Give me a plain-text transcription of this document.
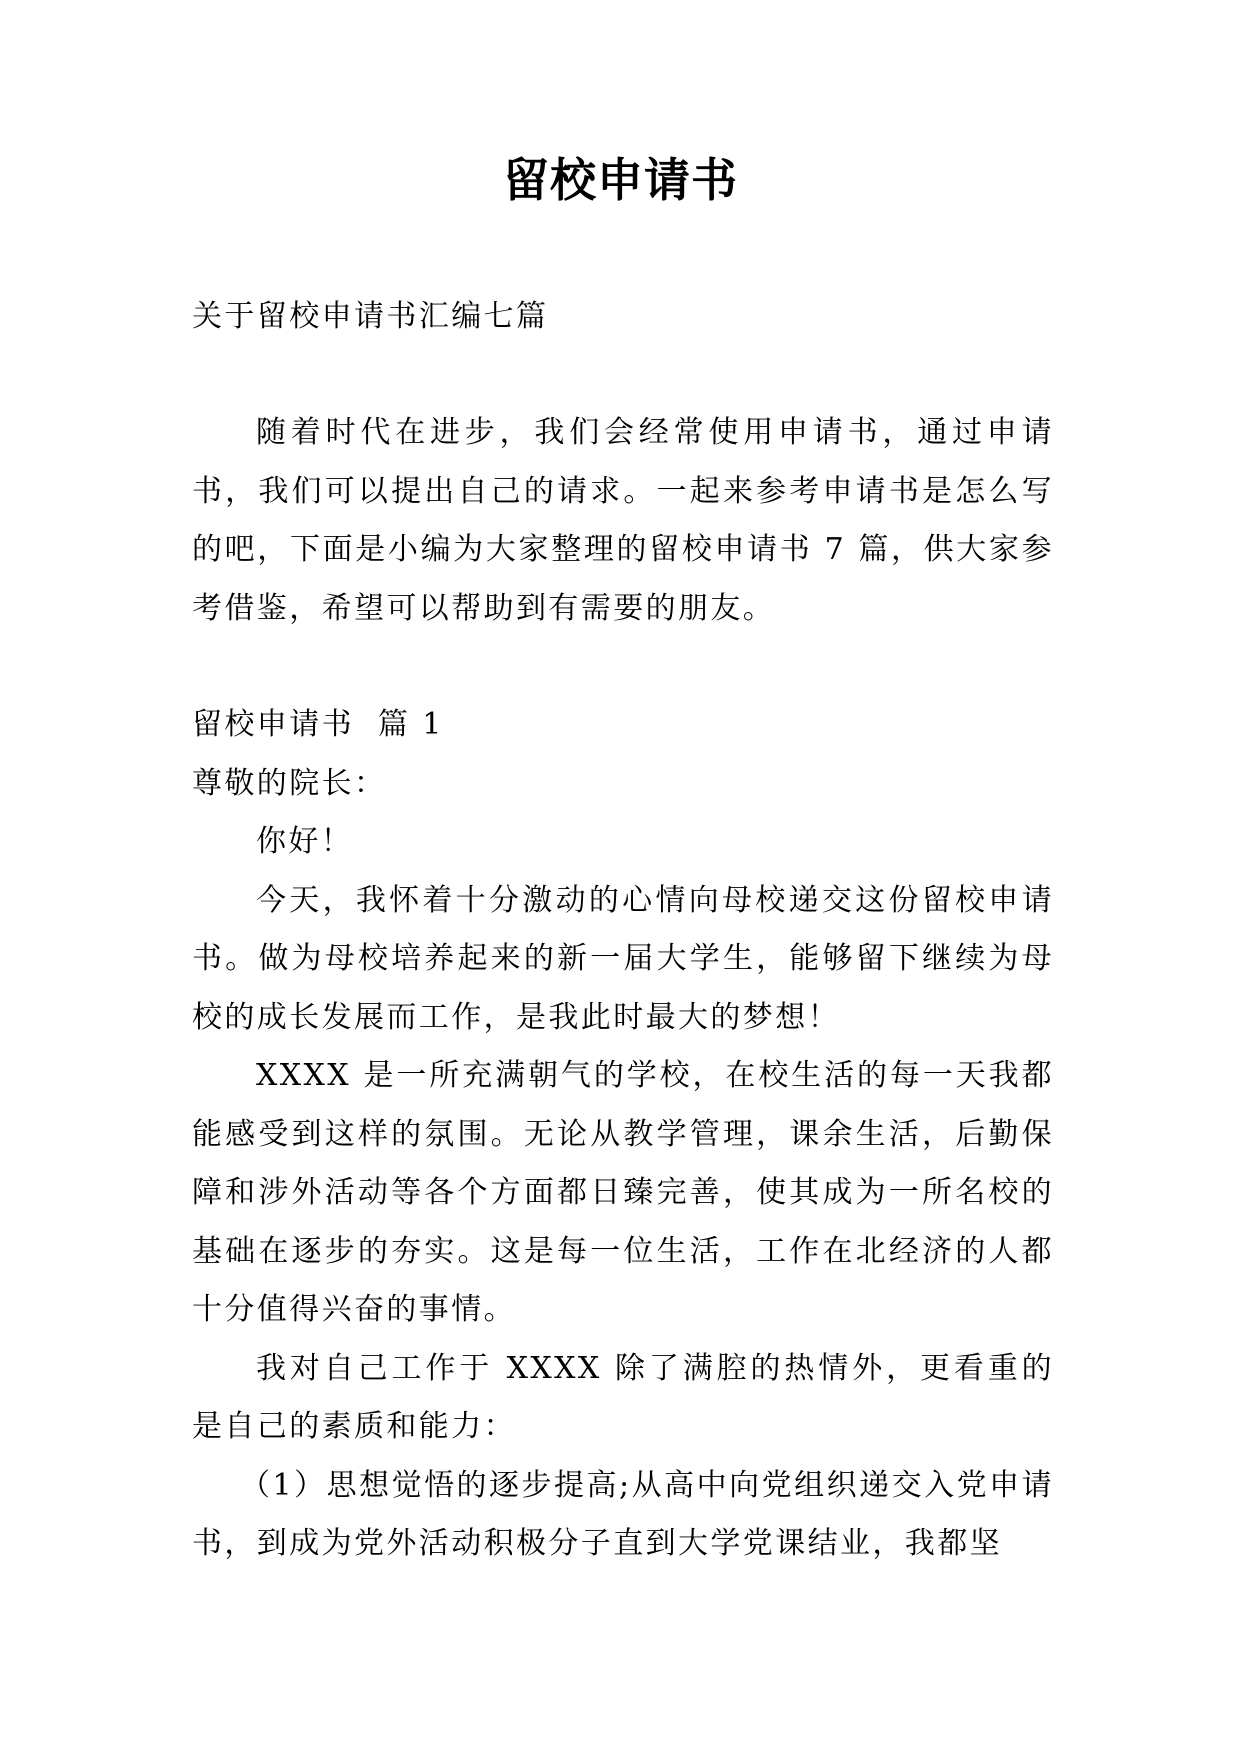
留校申请书

关于留校申请书汇编七篇

随着时代在进步，我们会经常使用申请书，通过申请书，我们可以提出自己的请求。一起来参考申请书是怎么写的吧，下面是小编为大家整理的留校申请书 7 篇，供大家参考借鉴，希望可以帮助到有需要的朋友。

留校申请书  篇 1

尊敬的院长：

你好！

今天，我怀着十分激动的心情向母校递交这份留校申请书。做为母校培养起来的新一届大学生，能够留下继续为母校的成长发展而工作，是我此时最大的梦想！

XXXX 是一所充满朝气的学校，在校生活的每一天我都能感受到这样的氛围。无论从教学管理，课余生活，后勤保障和涉外活动等各个方面都日臻完善，使其成为一所名校的基础在逐步的夯实。这是每一位生活，工作在北经济的人都十分值得兴奋的事情。

我对自己工作于 XXXX 除了满腔的热情外，更看重的是自己的素质和能力：

（1）思想觉悟的逐步提高;从高中向党组织递交入党申请书，到成为党外活动积极分子直到大学党课结业，我都坚
